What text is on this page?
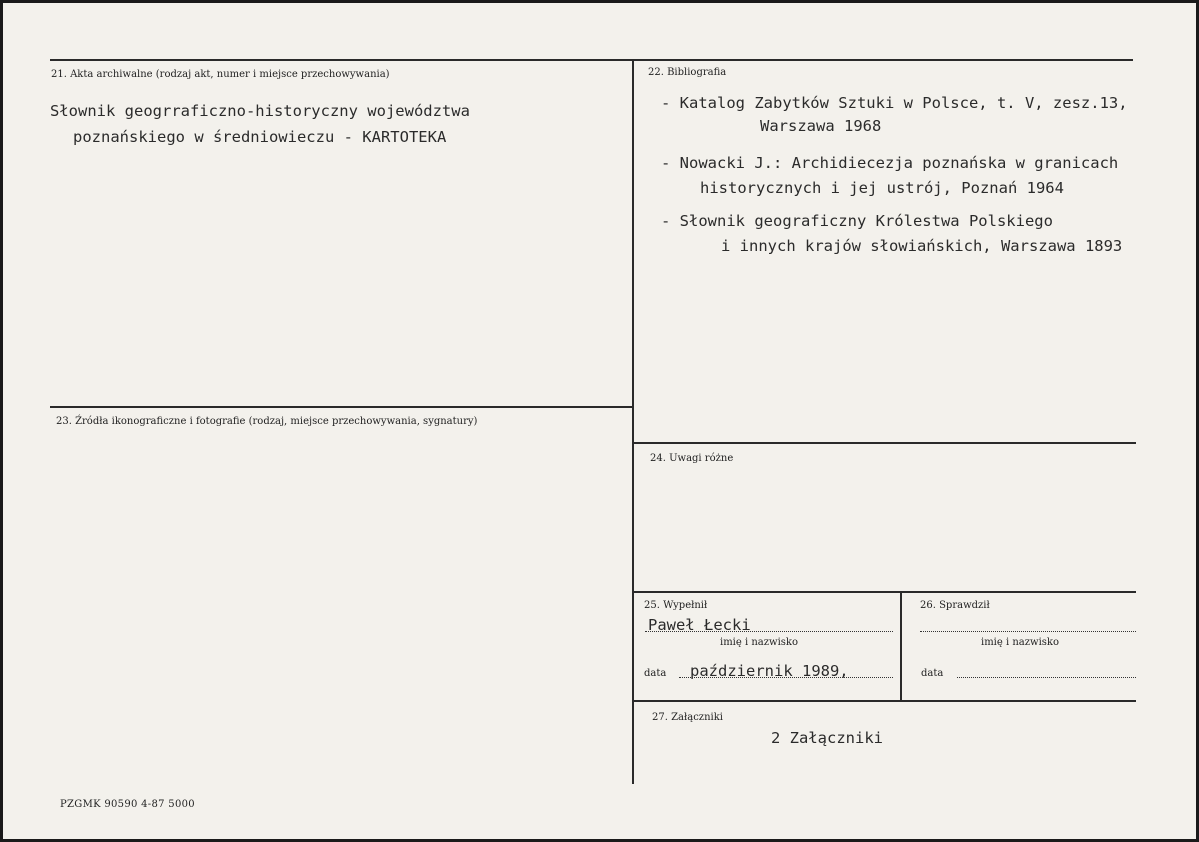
21. Akta archiwalne (rodzaj akt, numer i miejsce przechowywania)
Słownik geogrraficzno-historyczny województwa
poznańskiego w średniowieczu - KARTOTEKA
22. Bibliografia
- Katalog Zabytków Sztuki w Polsce, t. V, zesz.13,
Warszawa 1968
- Nowacki J.: Archidiecezja poznańska w granicach
historycznych i jej ustrój, Poznań 1964
- Słownik geograficzny Królestwa Polskiego
i innych krajów słowiańskich, Warszawa 1893
23. Źródła ikonograficzne i fotografie (rodzaj, miejsce przechowywania, sygnatury)
24. Uwagi różne
25. Wypełnił
Paweł Łecki
imię i nazwisko
data październik 1989,
26. Sprawdził
imię i nazwisko
data
27. Załączniki
2 Załączniki
PZGMK 90590 4-87 5000
